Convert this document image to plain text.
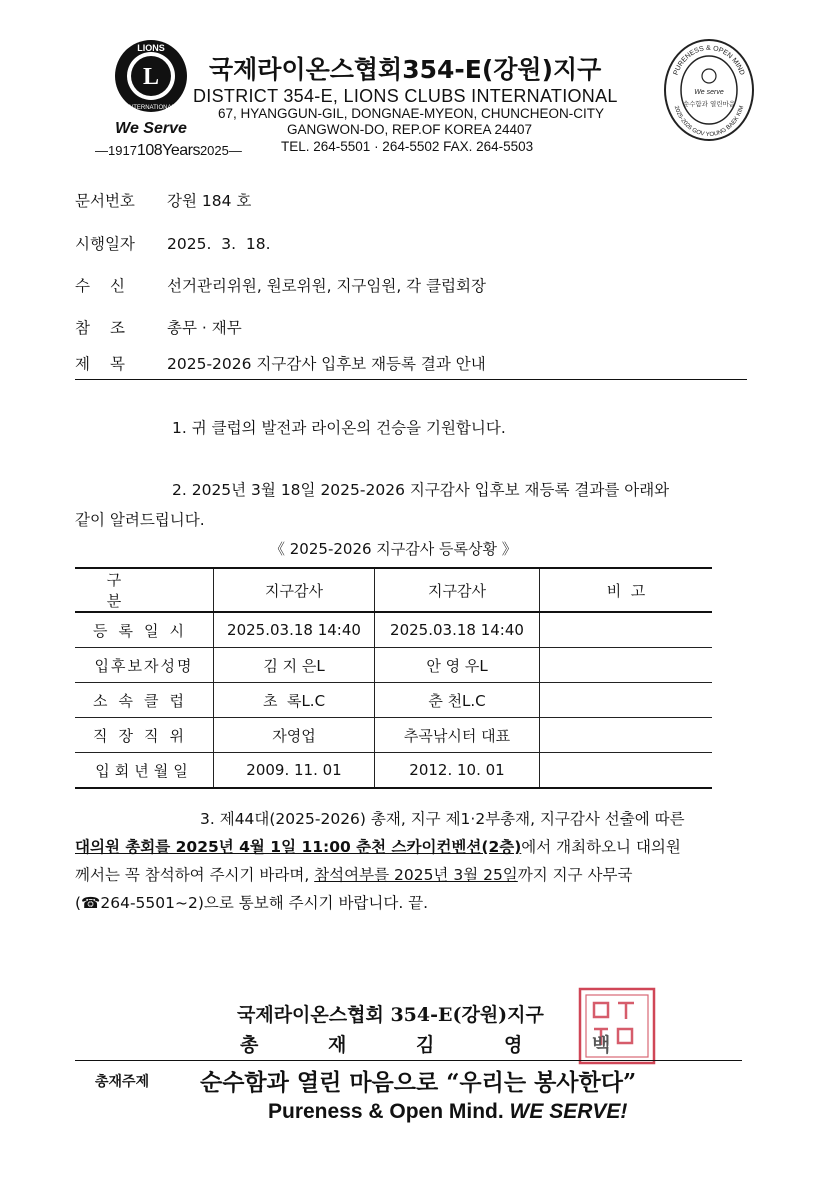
L
LIONS
INTERNATIONAL
We Serve
—1917108Years2025—
국제라이온스협회354-E(강원)지구
DISTRICT 354-E, LIONS CLUBS INTERNATIONAL
67, HYANGGUN-GIL, DONGNAE-MYEON, CHUNCHEON-CITY
GANGWON-DO, REP.OF KOREA 24407
TEL. 264-5501 · 264-5502 FAX. 264-5503
PURENESS & OPEN MIND
2025-2026 GOV YOUNG BAEK KIM
We serve
순수함과 열린마음
문서번호 강원 184 호
시행일자 2025.  3.  18.
수신 선거관리위원, 원로위원, 지구임원, 각 클럽회장
참조 총무 · 재무
제목 2025-2026 지구감사 입후보 재등록 결과 안내
1. 귀 클럽의 발전과 라이온의 건승을 기원합니다.
2. 2025년 3월 18일 2025-2026 지구감사 입후보 재등록 결과를 아래와
같이 알려드립니다.
《 2025-2026 지구감사 등록상황 》
구분	지구감사	지구감사	비  고
등록일시	2025.03.18 14:40	2025.03.18 14:40	
입후보자성명	김 지 은L	안 영 우L	
소속클럽	초  록L.C	춘 천L.C	
직장직위	자영업	추곡낚시터 대표	
입회년월일	2009. 11. 01	2012. 10. 01	
3. 제44대(2025-2026) 총재, 지구 제1·2부총재, 지구감사 선출에 따른
대의원 총회를 2025년 4월 1일 11:00 춘천 스카이컨벤션(2층)에서 개최하오니 대의원
께서는 꼭 참석하여 주시기 바라며, 참석여부를 2025년 3월 25일까지 지구 사무국
(☎264-5501~2)으로 통보해 주시기 바랍니다. 끝.
국제라이온스협회 354-E(강원)지구
총	재	김	영	백
총재주제 순수함과 열린 마음으로 “우리는 봉사한다”
Pureness & Open Mind. WE SERVE!
